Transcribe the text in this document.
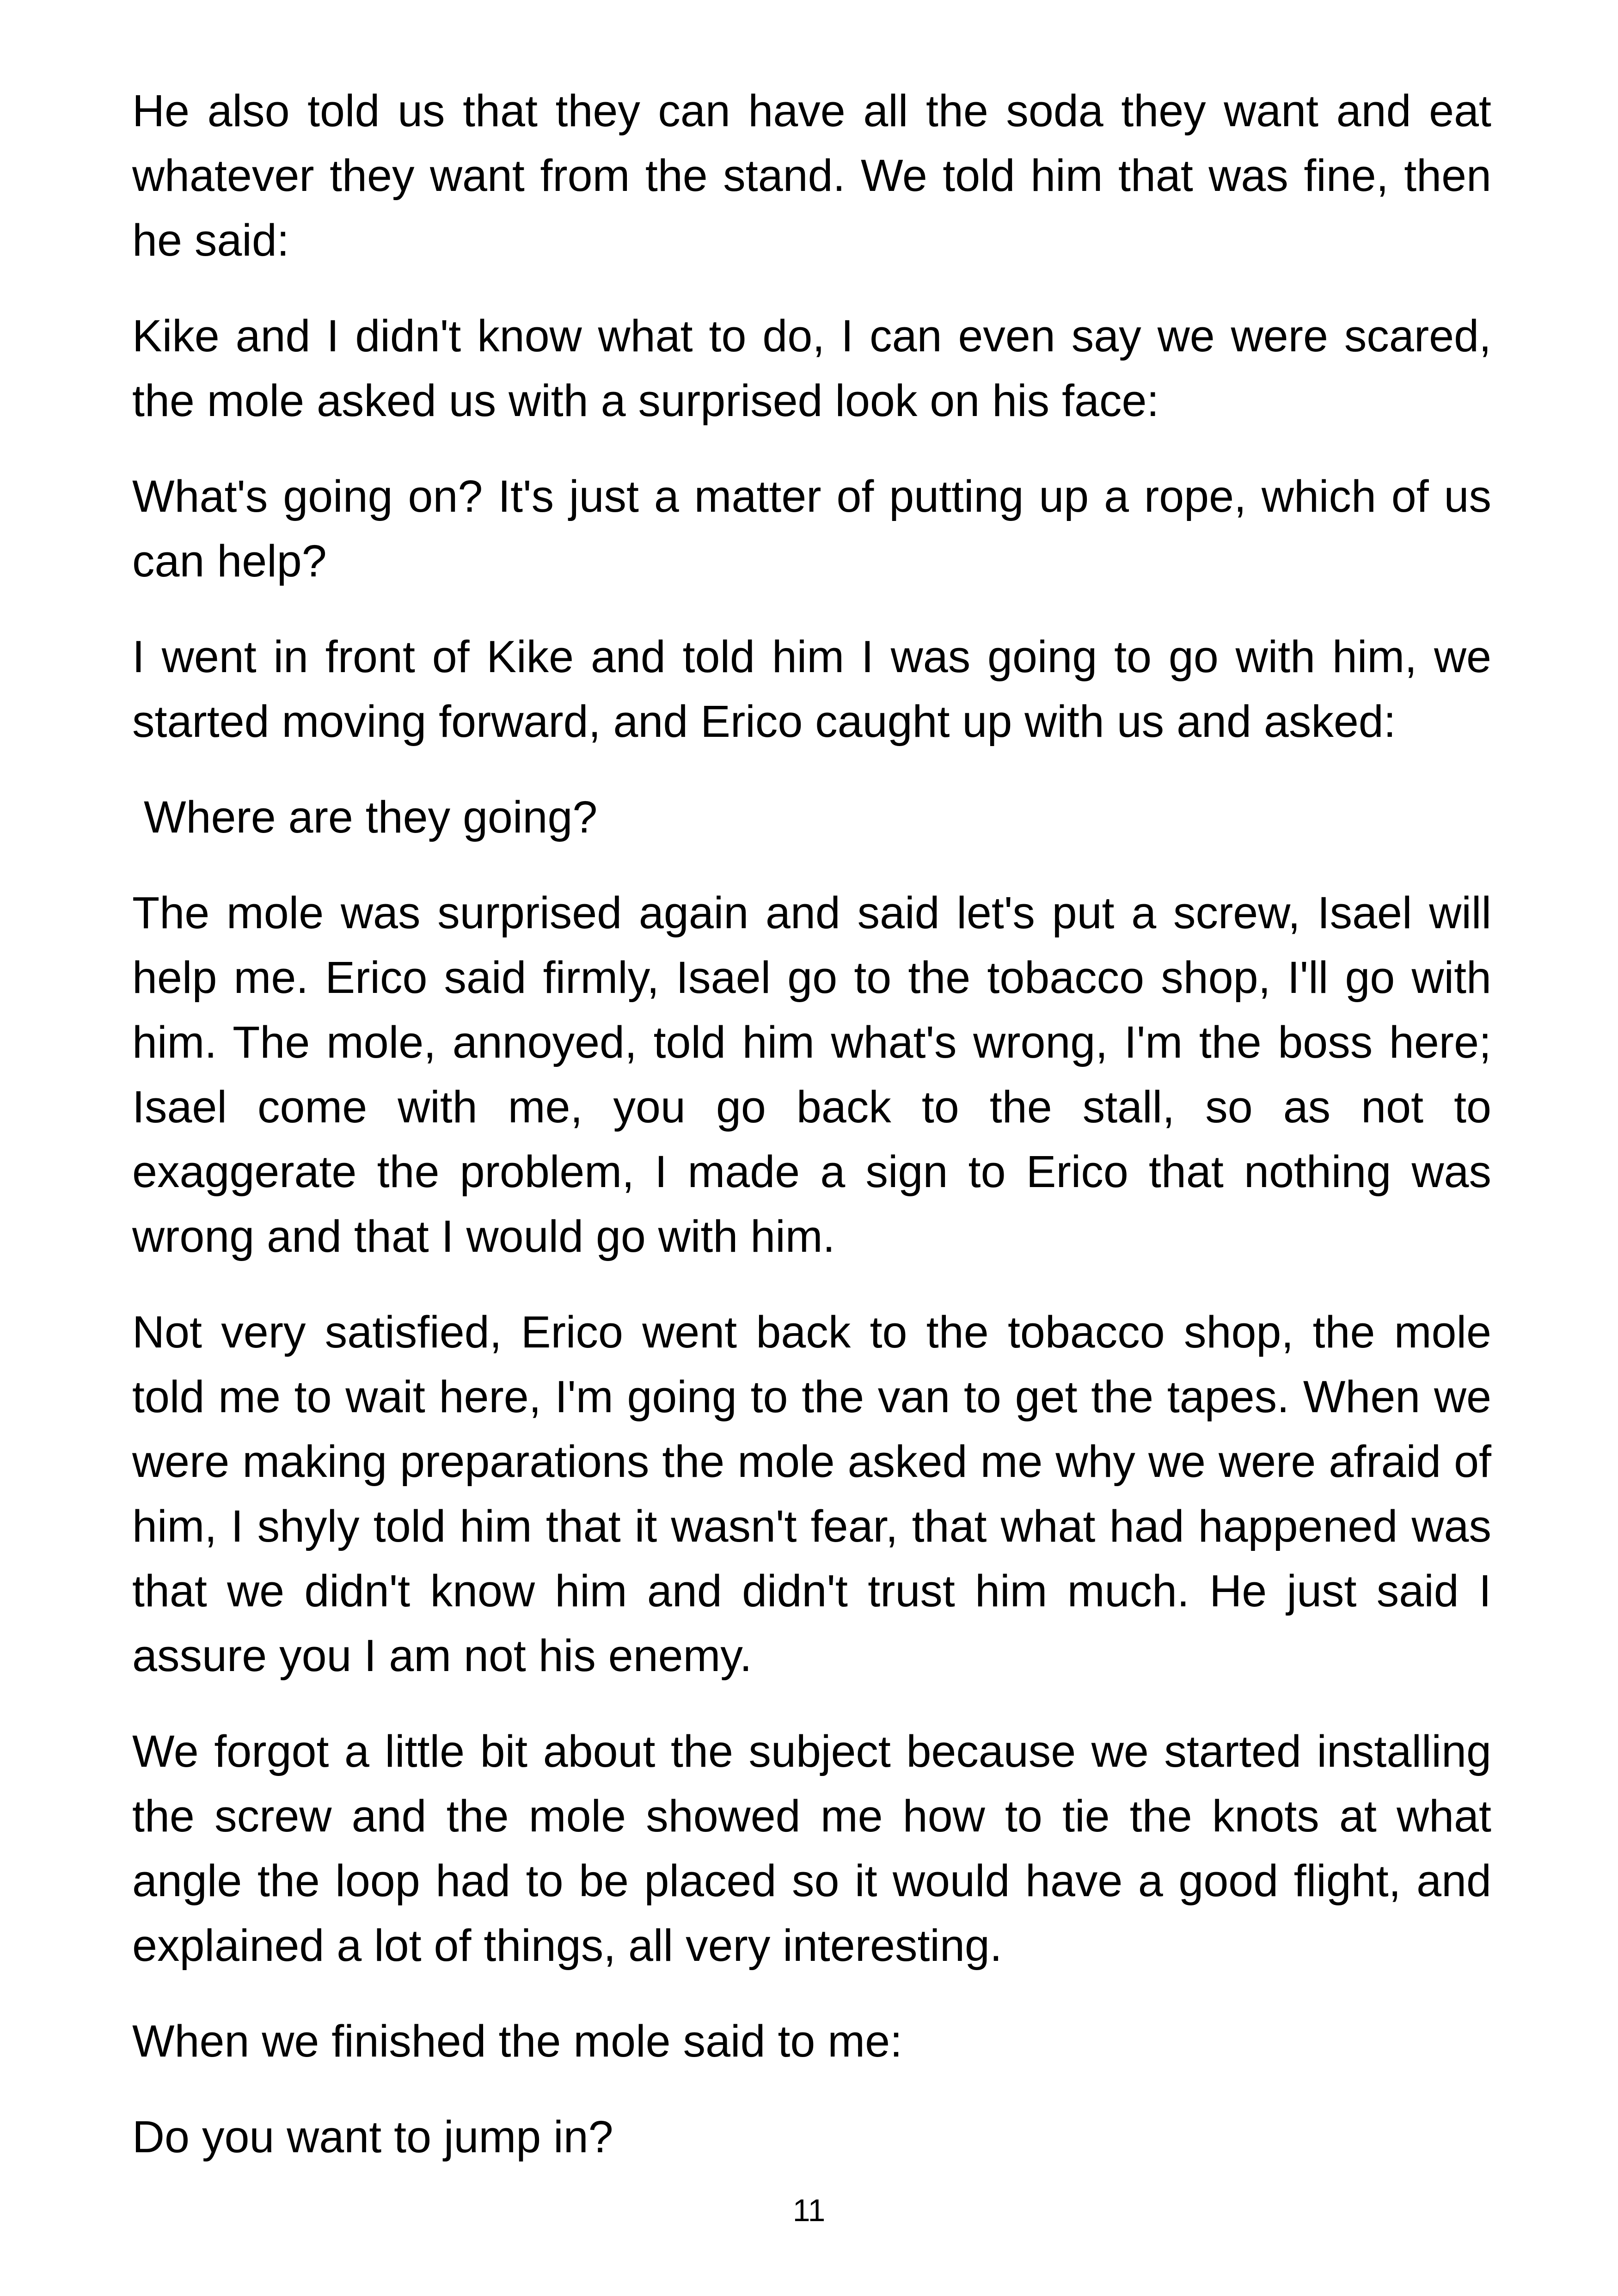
He also told us that they can have all the soda they want and eat whatever they want from the stand. We told him that was fine, then he said:

Kike and I didn't know what to do, I can even say we were scared, the mole asked us with a surprised look on his face:

What's going on? It's just a matter of putting up a rope, which of us can help?

I went in front of Kike and told him I was going to go with him, we started moving forward, and Erico caught up with us and asked:

Where are they going?

The mole was surprised again and said let's put a screw, Isael will help me. Erico said firmly, Isael go to the tobacco shop, I'll go with him. The mole, annoyed, told him what's wrong, I'm the boss here; Isael come with me, you go back to the stall, so as not to exaggerate the problem, I made a sign to Erico that nothing was wrong and that I would go with him.

Not very satisfied, Erico went back to the tobacco shop, the mole told me to wait here, I'm going to the van to get the tapes. When we were making preparations the mole asked me why we were afraid of him, I shyly told him that it wasn't fear, that what had happened was that we didn't know him and didn't trust him much. He just said I assure you I am not his enemy.

We forgot a little bit about the subject because we started installing the screw and the mole showed me how to tie the knots at what angle the loop had to be placed so it would have a good flight, and explained a lot of things, all very interesting.

When we finished the mole said to me:

Do you want to jump in?

11
